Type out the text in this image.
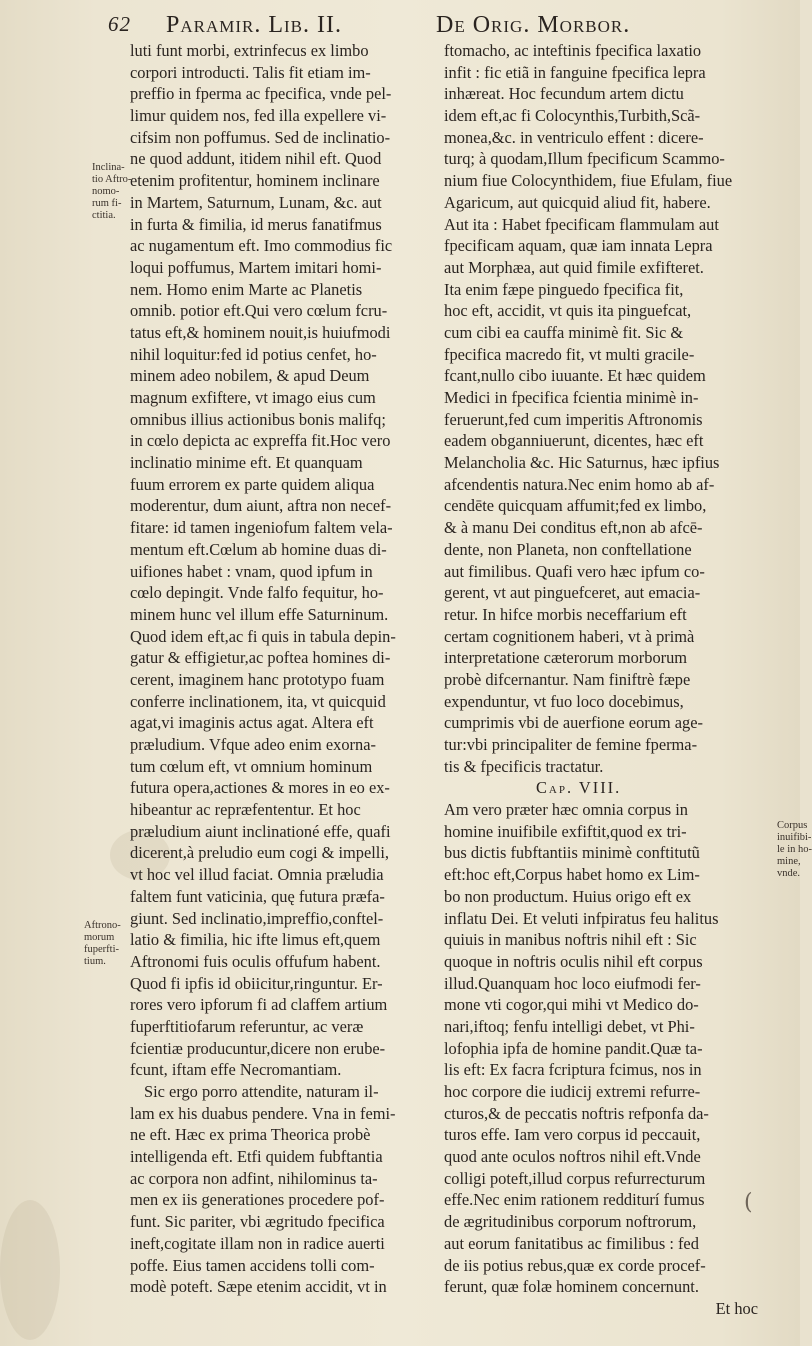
62 Paramir. Lib. II.	De Orig. Morbor.
luti funt morbi, extrinfecus ex limbo
corpori introducti. Talis fit etiam im-
preffio in fperma ac fpecifica, vnde pel-
limur quidem nos, fed illa expellere vi-
cifsim non poffumus. Sed de inclinatio-
ne quod addunt, itidem nihil eft. Quod
etenim profitentur, hominem inclinare
in Martem, Saturnum, Lunam, &c. aut
in furta & fimilia, id merus fanatifmus
ac nugamentum eft. Imo commodius fic
loqui poffumus, Martem imitari homi-
nem. Homo enim Marte ac Planetis
omnib. potior eft.Qui vero cœlum fcru-
tatus eft,& hominem nouit,is huiufmodi
nihil loquitur:fed id potius cenfet, ho-
minem adeo nobilem, & apud Deum
magnum exfiftere, vt imago eius cum
omnibus illius actionibus bonis malifq;
in cœlo depicta ac expreffa fit.Hoc vero
inclinatio minime eft. Et quanquam
fuum errorem ex parte quidem aliqua
moderentur, dum aiunt, aftra non necef-
fitare: id tamen ingeniofum faltem vela-
mentum eft.Cœlum ab homine duas di-
uifiones habet : vnam, quod ipfum in
cœlo depingit. Vnde falfo fequitur, ho-
minem hunc vel illum effe Saturninum.
Quod idem eft,ac fi quis in tabula depin-
gatur & effigietur,ac poftea homines di-
cerent, imaginem hanc prototypo fuam
conferre inclinationem, ita, vt quicquid
agat,vi imaginis actus agat. Altera eft
præludium. Vfque adeo enim exorna-
tum cœlum eft, vt omnium hominum
futura opera,actiones & mores in eo ex-
hibeantur ac repræfententur. Et hoc
præludium aiunt inclinationé effe, quafi
dicerent,à preludio eum cogi & impelli,
vt hoc vel illud faciat. Omnia præludia
faltem funt vaticinia, quę futura præfa-
giunt. Sed inclinatio,impreffio,conftel-
latio & fimilia, hic ifte limus eft,quem
Aftronomi fuis oculis offufum habent.
Quod fi ipfis id obiicitur,ringuntur. Er-
rores vero ipforum fi ad claffem artium
fuperftitiofarum referuntur, ac veræ
fcientiæ producuntur,dicere non erube-
fcunt, iftam effe Necromantiam.
Sic ergo porro attendite, naturam il-
lam ex his duabus pendere. Vna in femi-
ne eft. Hæc ex prima Theorica probè
intelligenda eft. Etfi quidem fubftantia
ac corpora non adfint, nihilominus ta-
men ex iis generationes procedere pof-
funt. Sic pariter, vbi ægritudo fpecifica
ineft,cogitate illam non in radice auerti
poffe. Eius tamen accidens tolli com-
modè poteft. Sæpe etenim accidit, vt in
ftomacho, ac inteftinis fpecifica laxatio
infit : fic etiã in fanguine fpecifica lepra
inhæreat. Hoc fecundum artem dictu
idem eft,ac fi Colocynthis,Turbith,Scã-
monea,&c. in ventriculo effent : dicere-
turq; à quodam,Illum fpecificum Scammo-
nium fiue Colocynthidem, fiue Efulam, fiue
Agaricum, aut quicquid aliud fit, habere.
Aut ita : Habet fpecificam flammulam aut
fpecificam aquam, quæ iam innata Lepra
aut Morphæa, aut quid fimile exfifteret.
Ita enim fæpe pinguedo fpecifica fit,
hoc eft, accidit, vt quis ita pinguefcat,
cum cibi ea cauffa minimè fit. Sic &
fpecifica macredo fit, vt multi gracile-
fcant,nullo cibo iuuante. Et hæc quidem
Medici in fpecifica fcientia minimè in-
feruerunt,fed cum imperitis Aftronomis
eadem obganniuerunt, dicentes, hæc eft
Melancholia &c. Hic Saturnus, hæc ipfius
afcendentis natura.Nec enim homo ab af-
cendēte quicquam affumit;fed ex limbo,
& à manu Dei conditus eft,non ab afcē-
dente, non Planeta, non conftellatione
aut fimilibus. Quafi vero hæc ipfum co-
gerent, vt aut pinguefceret, aut emacia-
retur. In hifce morbis neceffarium eft
certam cognitionem haberi, vt à primà
interpretatione cæterorum morborum
probè difcernantur. Nam finiftrè fæpe
expenduntur, vt fuo loco docebimus,
cumprimis vbi de auerfione eorum age-
tur:vbi principaliter de femine fperma-
tis & fpecificis tractatur.
Cap. VIII.
Am vero præter hæc omnia corpus in
homine inuifibile exfiftit,quod ex tri-
bus dictis fubftantiis minimè conftitutũ
eft:hoc eft,Corpus habet homo ex Lim-
bo non productum. Huius origo eft ex
inflatu Dei. Et veluti infpiratus feu halitus
quiuis in manibus noftris nihil eft : Sic
quoque in noftris oculis nihil eft corpus
illud.Quanquam hoc loco eiufmodi fer-
mone vti cogor,qui mihi vt Medico do-
nari,iftoq; fenfu intelligi debet, vt Phi-
lofophia ipfa de homine pandit.Quæ ta-
lis eft: Ex facra fcriptura fcimus, nos in
hoc corpore die iudicij extremi refurre-
cturos,& de peccatis noftris refponfa da-
turos effe. Iam vero corpus id peccauit,
quod ante oculos noftros nihil eft.Vnde
colligi poteft,illud corpus refurrecturum
effe.Nec enim rationem redditurí fumus
de ægritudinibus corporum noftrorum,
aut eorum fanitatibus ac fimilibus : fed
de iis potius rebus,quæ ex corde procef-
ferunt, quæ folæ hominem concernunt.
Et hoc
Inclina-
tio Aftro-
nomo-
rum fi-
ctitia.
Aftrono-
morum
fuperfti-
tium.
Corpus
inuifibi-
le in ho-
mine,
vnde.
(
